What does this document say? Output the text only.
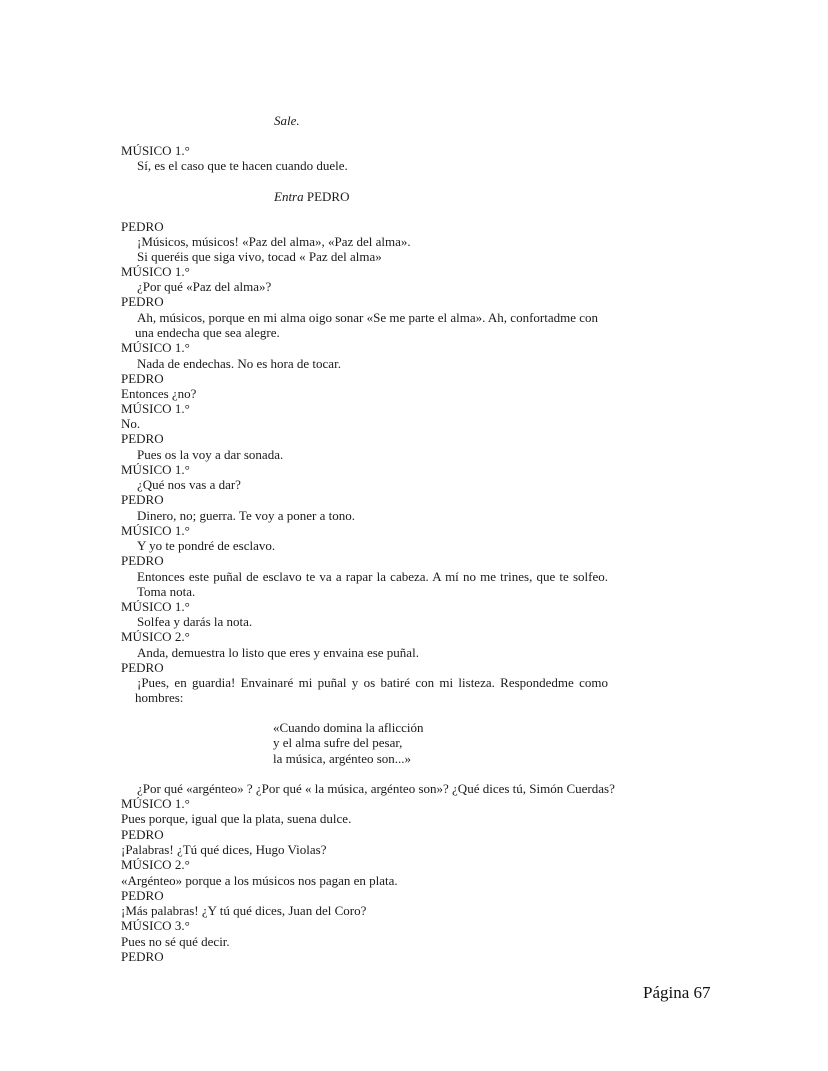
Sale.
MÚSICO 1.°
Sí, es el caso que te hacen cuando duele.
Entra PEDRO
PEDRO
¡Músicos, músicos! «Paz del alma», «Paz del alma».
Si queréis que siga vivo, tocad « Paz del alma»
MÚSICO 1.°
¿Por qué «Paz del alma»?
PEDRO
Ah, músicos, porque en mi alma oigo sonar «Se me parte el alma». Ah, confortadme con
una endecha que sea alegre.
MÚSICO 1.°
Nada de endechas. No es hora de tocar.
PEDRO
Entonces ¿no?
MÚSICO 1.°
No.
PEDRO
Pues os la voy a dar sonada.
MÚSICO 1.°
¿Qué nos vas a dar?
PEDRO
Dinero, no; guerra. Te voy a poner a tono.
MÚSICO 1.°
Y yo te pondré de esclavo.
PEDRO
Entonces este puñal de esclavo te va a rapar la cabeza. A mí no me trines, que te solfeo.
Toma nota.
MÚSICO 1.°
Solfea y darás la nota.
MÚSICO 2.°
Anda, demuestra lo listo que eres y envaina ese puñal.
PEDRO
¡Pues, en guardia! Envainaré mi puñal y os batiré con mi listeza. Respondedme como
hombres:
«Cuando domina la aflicción
y el alma sufre del pesar,
la música, argénteo son...»
¿Por qué «argénteo» ? ¿Por qué « la música, argénteo son»? ¿Qué dices tú, Simón Cuerdas?
MÚSICO 1.°
Pues porque, igual que la plata, suena dulce.
PEDRO
¡Palabras! ¿Tú qué dices, Hugo Violas?
MÚSICO 2.°
«Argénteo» porque a los músicos nos pagan en plata.
PEDRO
¡Más palabras! ¿Y tú qué dices, Juan del Coro?
MÚSICO 3.°
Pues no sé qué decir.
PEDRO
Página 67
